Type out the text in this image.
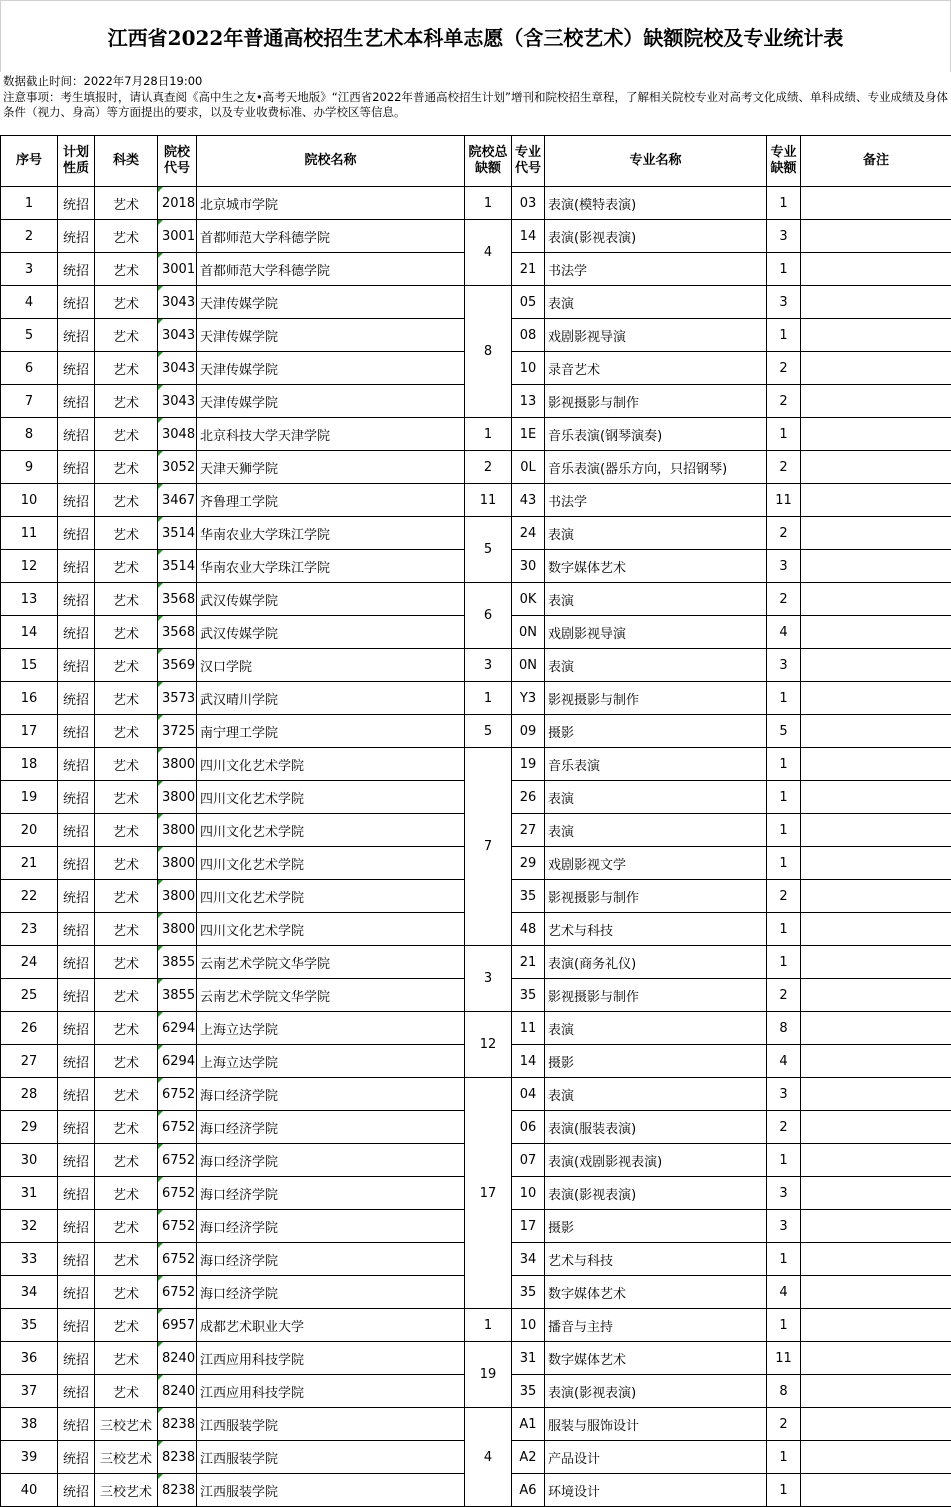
江西省2022年普通高校招生艺术本科单志愿（含三校艺术）缺额院校及专业统计表
数据截止时间：2022年7月28日19:00
注意事项：考生填报时，请认真查阅《高中生之友•高考天地版》“江西省2022年普通高校招生计划”增刊和院校招生章程，了解相关院校专业对高考文化成绩、单科成绩、专业成绩及身体条件（视力、身高）等方面提出的要求，以及专业收费标准、办学校区等信息。
序号	计划性质	科类	院校代号	院校名称	院校总缺额	专业代号	专业名称	专业缺额	备注
1	统招	艺术	2018	北京城市学院	1	03	表演(模特表演)	1	
2	统招	艺术	3001	首都师范大学科德学院	4	14	表演(影视表演)	3	
3	统招	艺术	3001	首都师范大学科德学院		21	书法学	1	
4	统招	艺术	3043	天津传媒学院	8	05	表演	3	
5	统招	艺术	3043	天津传媒学院		08	戏剧影视导演	1	
6	统招	艺术	3043	天津传媒学院		10	录音艺术	2	
7	统招	艺术	3043	天津传媒学院		13	影视摄影与制作	2	
8	统招	艺术	3048	北京科技大学天津学院	1	1E	音乐表演(钢琴演奏)	1	
9	统招	艺术	3052	天津天狮学院	2	0L	音乐表演(器乐方向，只招钢琴)	2	
10	统招	艺术	3467	齐鲁理工学院	11	43	书法学	11	
11	统招	艺术	3514	华南农业大学珠江学院	5	24	表演	2	
12	统招	艺术	3514	华南农业大学珠江学院		30	数字媒体艺术	3	
13	统招	艺术	3568	武汉传媒学院	6	0K	表演	2	
14	统招	艺术	3568	武汉传媒学院		0N	戏剧影视导演	4	
15	统招	艺术	3569	汉口学院	3	0N	表演	3	
16	统招	艺术	3573	武汉晴川学院	1	Y3	影视摄影与制作	1	
17	统招	艺术	3725	南宁理工学院	5	09	摄影	5	
18	统招	艺术	3800	四川文化艺术学院	7	19	音乐表演	1	
19	统招	艺术	3800	四川文化艺术学院		26	表演	1	
20	统招	艺术	3800	四川文化艺术学院		27	表演	1	
21	统招	艺术	3800	四川文化艺术学院		29	戏剧影视文学	1	
22	统招	艺术	3800	四川文化艺术学院		35	影视摄影与制作	2	
23	统招	艺术	3800	四川文化艺术学院		48	艺术与科技	1	
24	统招	艺术	3855	云南艺术学院文华学院	3	21	表演(商务礼仪)	1	
25	统招	艺术	3855	云南艺术学院文华学院		35	影视摄影与制作	2	
26	统招	艺术	6294	上海立达学院	12	11	表演	8	
27	统招	艺术	6294	上海立达学院		14	摄影	4	
28	统招	艺术	6752	海口经济学院	17	04	表演	3	
29	统招	艺术	6752	海口经济学院		06	表演(服装表演)	2	
30	统招	艺术	6752	海口经济学院		07	表演(戏剧影视表演)	1	
31	统招	艺术	6752	海口经济学院		10	表演(影视表演)	3	
32	统招	艺术	6752	海口经济学院		17	摄影	3	
33	统招	艺术	6752	海口经济学院		34	艺术与科技	1	
34	统招	艺术	6752	海口经济学院		35	数字媒体艺术	4	
35	统招	艺术	6957	成都艺术职业大学	1	10	播音与主持	1	
36	统招	艺术	8240	江西应用科技学院	19	31	数字媒体艺术	11	
37	统招	艺术	8240	江西应用科技学院		35	表演(影视表演)	8	
38	统招	三校艺术	8238	江西服装学院	4	A1	服装与服饰设计	2	
39	统招	三校艺术	8238	江西服装学院		A2	产品设计	1	
40	统招	三校艺术	8238	江西服装学院		A6	环境设计	1	
